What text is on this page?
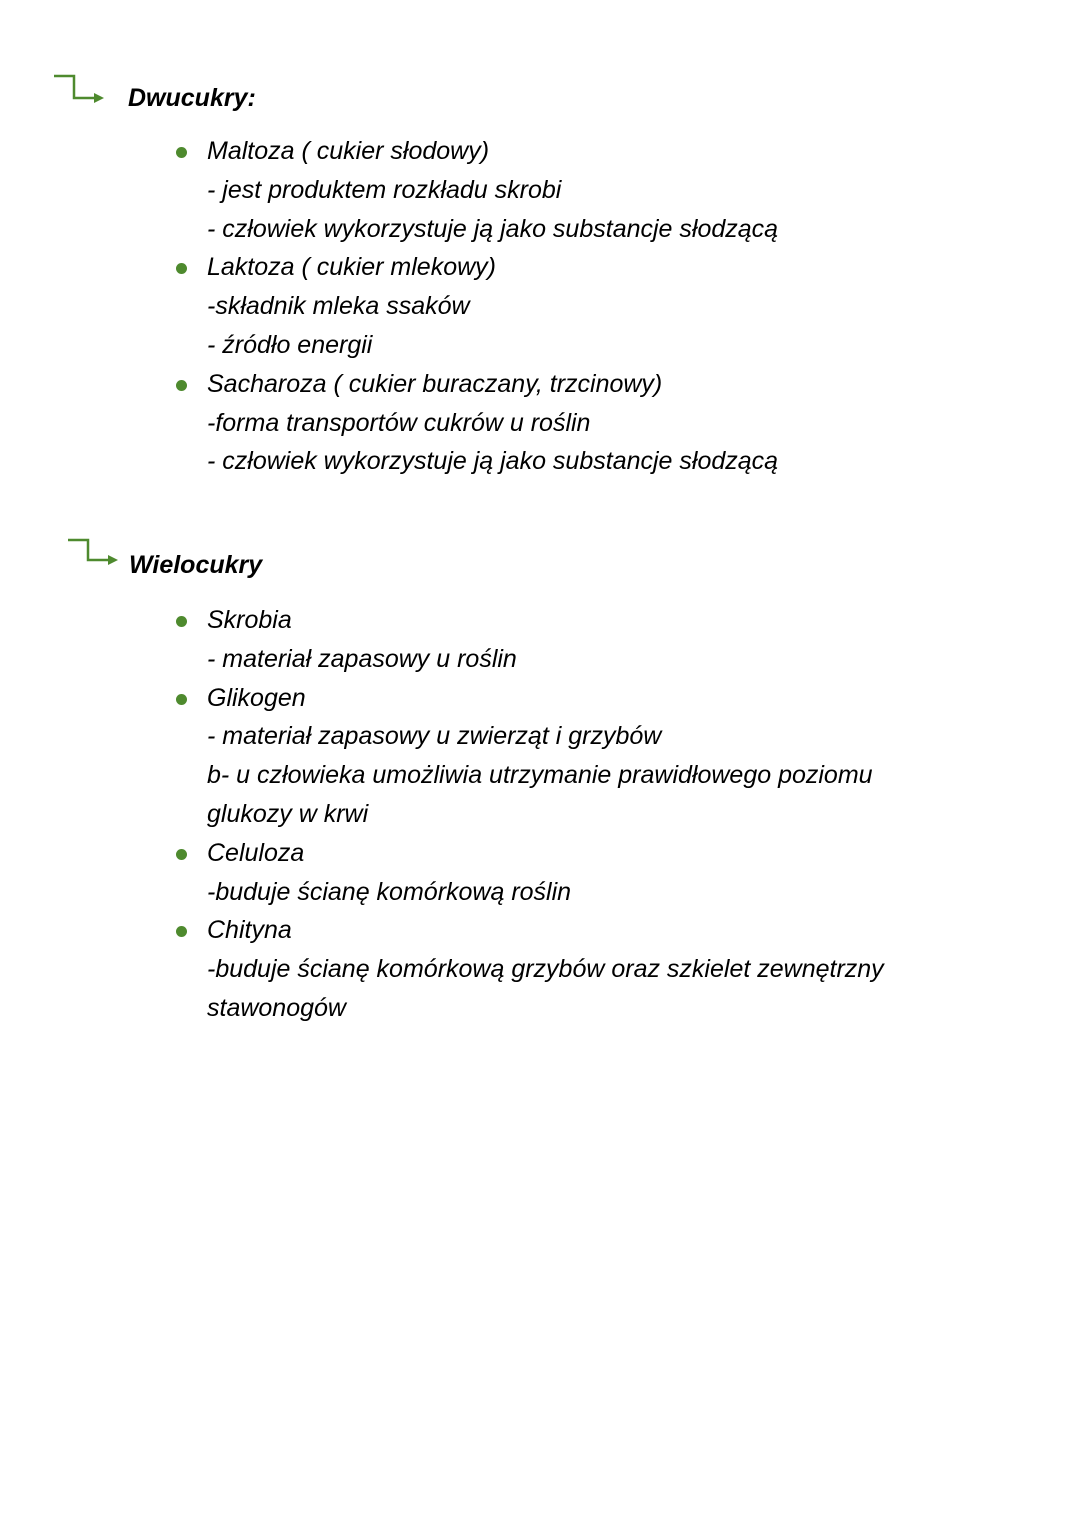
Dwucukry:
Maltoza ( cukier słodowy)
- jest produktem rozkładu skrobi
- człowiek wykorzystuje ją jako substancje słodzącą
Laktoza ( cukier mlekowy)
-składnik mleka ssaków
- źródło energii
Sacharoza ( cukier buraczany, trzcinowy)
-forma transportów cukrów u roślin
- człowiek wykorzystuje ją jako substancje słodzącą
Wielocukry
Skrobia
- materiał zapasowy u roślin
Glikogen
- materiał zapasowy u zwierząt i grzybów
b- u człowieka umożliwia utrzymanie prawidłowego poziomu glukozy w krwi
Celuloza
-buduje ścianę komórkową roślin
Chityna
-buduje ścianę komórkową grzybów oraz szkielet zewnętrzny stawonogów
